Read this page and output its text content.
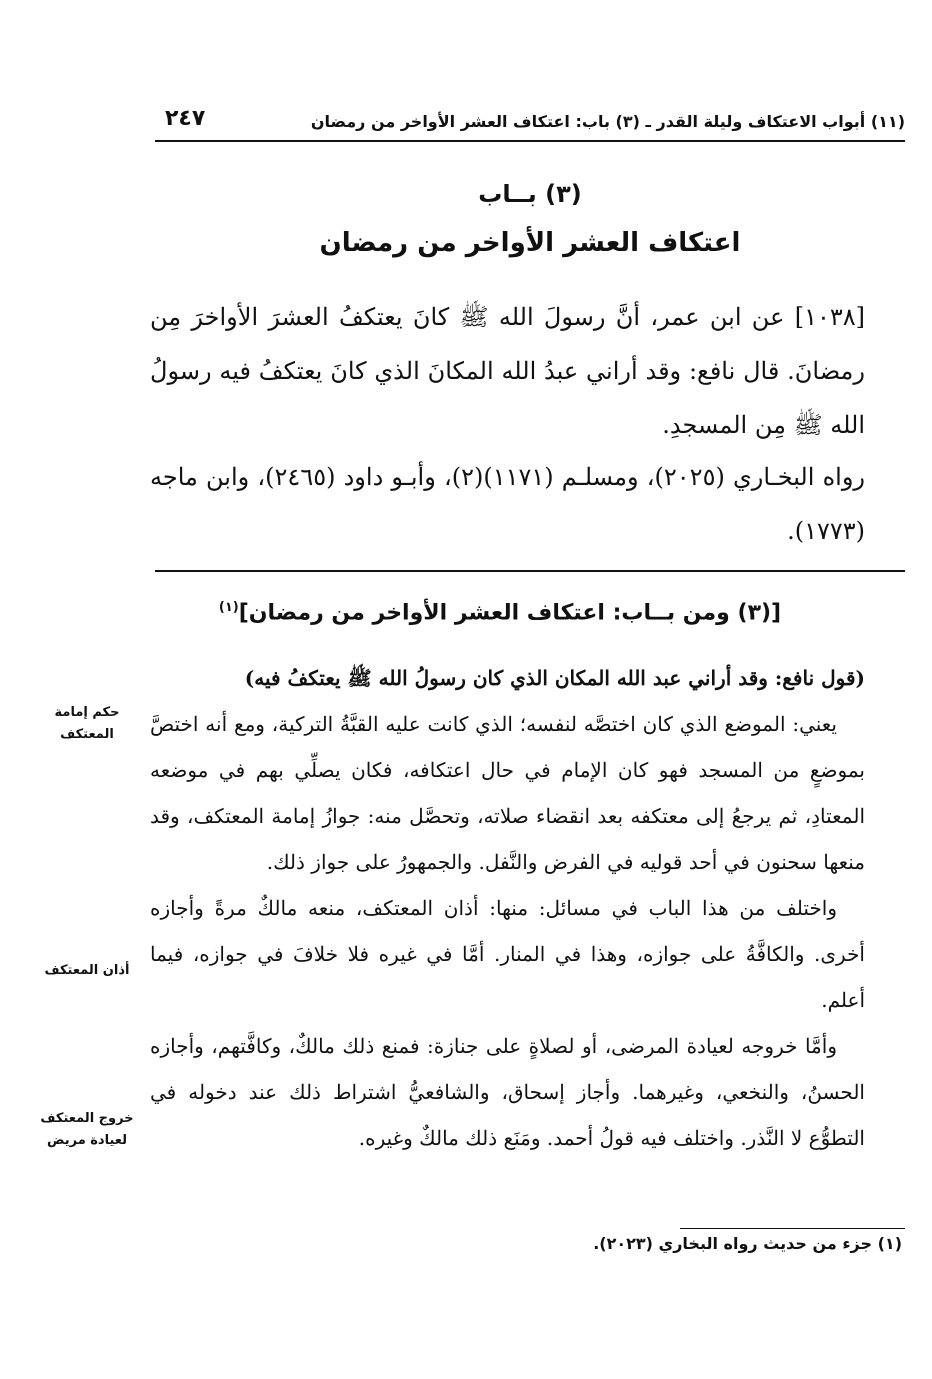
(١١) أبواب الاعتكاف وليلة القدر ـ (٣) باب: اعتكاف العشر الأواخر من رمضان
٢٤٧
(٣) بــاب
اعتكاف العشر الأواخر من رمضان
[١٠٣٨] عن ابن عمر، أنَّ رسولَ الله ﷺ كانَ يعتكفُ العشرَ الأواخرَ مِن رمضانَ. قال نافع: وقد أراني عبدُ الله المكانَ الذي كانَ يعتكفُ فيه رسولُ الله ﷺ مِن المسجدِ.
رواه البخـاري (٢٠٢٥)، ومسلـم (١١٧١)(٢)، وأبـو داود (٢٤٦٥)، وابن ماجه (١٧٧٣).
[(٣) ومن بــاب: اعتكاف العشر الأواخر من رمضان]$^{(١)}$

(قول نافع: وقد أراني عبد الله المكان الذي كان رسولُ الله ﷺ يعتكفُ فيه)

يعني: الموضع الذي كان اختصَّه لنفسه؛ الذي كانت عليه القبَّةُ التركية، ومع أنه اختصَّ بموضعٍ من المسجد فهو كان الإمام في حال اعتكافه، فكان يصلِّي بهم في موضعه المعتادِ، ثم يرجعُ إلى معتكفه بعد انقضاء صلاته، وتحصَّل منه: جوازُ إمامة المعتكف، وقد منعها سحنون في أحد قوليه في الفرض والنَّفل. والجمهورُ على جواز ذلك.

واختلف من هذا الباب في مسائل: منها: أذان المعتكف، منعه مالكٌ مرةً وأجازه أخرى. والكافَّةُ على جوازه، وهذا في المنار. أمَّا في غيره فلا خلافَ في جوازه، فيما أعلم.

وأمَّا خروجه لعيادة المرضى، أو لصلاةٍ على جنازة: فمنع ذلك مالكٌ، وكافَّتهم، وأجازه الحسنُ، والنخعي، وغيرهما. وأجاز إسحاق، والشافعيُّ اشتراط ذلك عند دخوله في التطوُّع لا النَّذر. واختلف فيه قولُ أحمد. ومَنَع ذلك مالكٌ وغيره.

حكم إمامة المعتكف
أذان المعتكف
خروج المعتكف لعيادة مريض
(١) جزء من حديث رواه البخاري (٢٠٢٣).
